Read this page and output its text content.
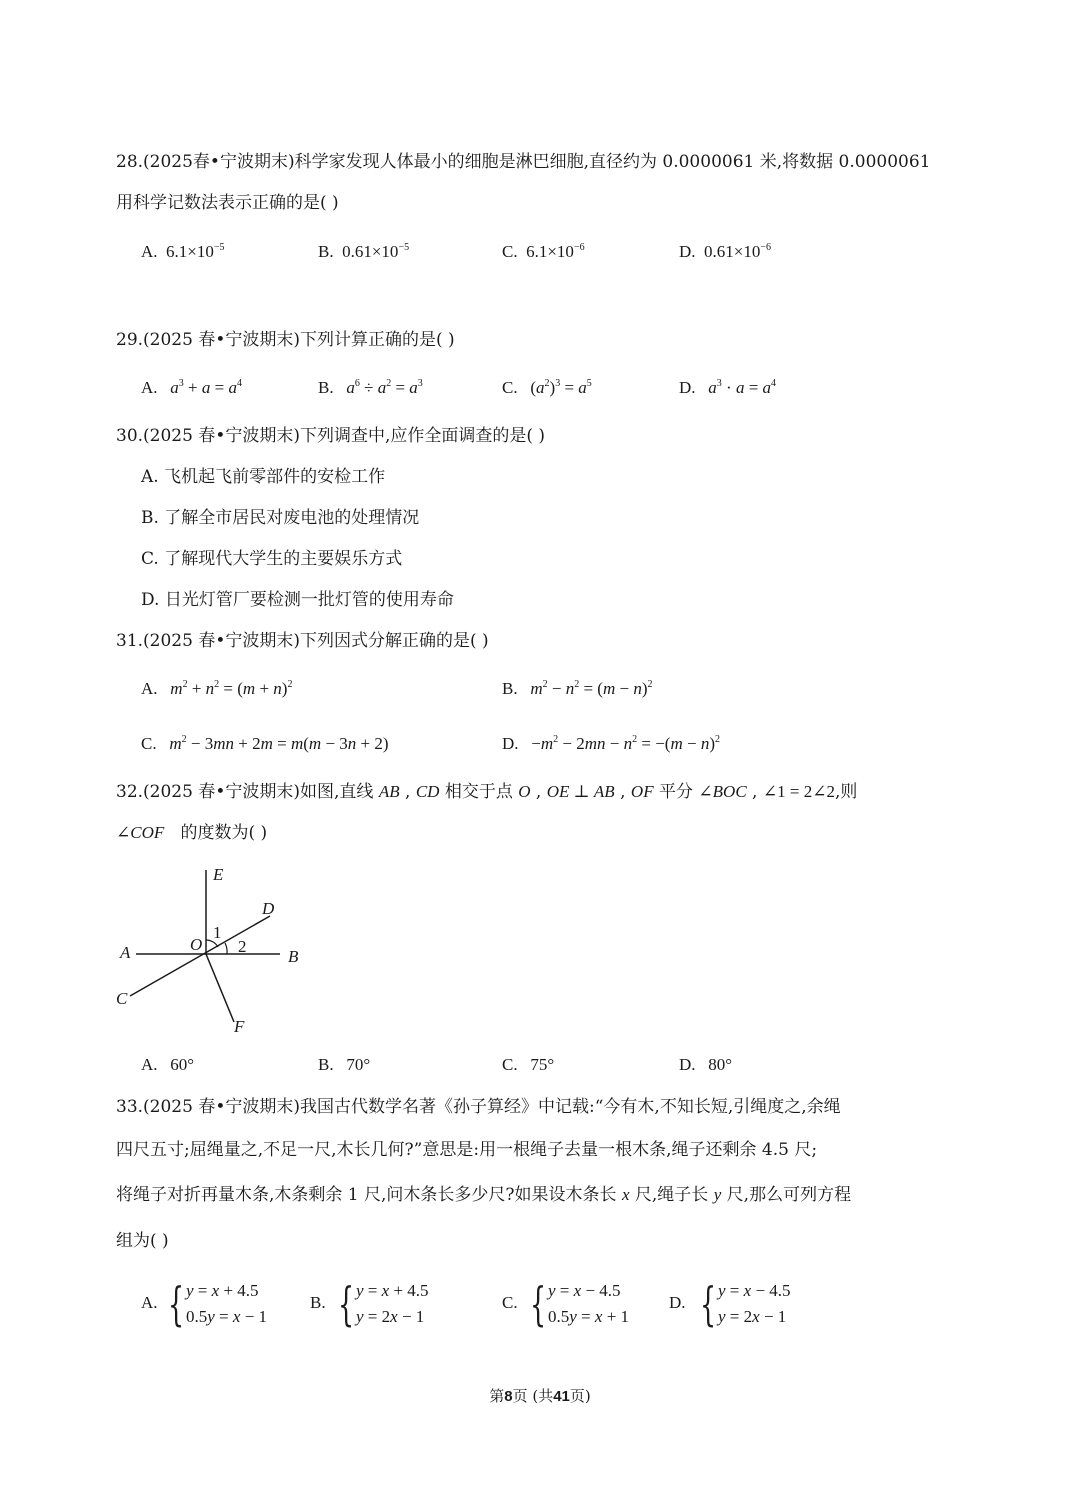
28.(2025春•宁波期末)科学家发现人体最小的细胞是淋巴细胞,直径约为 0.0000061 米,将数据 0.0000061
用科学记数法表示正确的是( )
A. $6.1\times 10^{-5}$	B. $0.61\times 10^{-5}$	C. $6.1\times 10^{-6}$	D. $0.61\times 10^{-6}$
29.(2025 春•宁波期末)下列计算正确的是( )
A. $a^3 + a = a^4$	B. $a^6 \div a^2 = a^3$	C.   $(a^2)^3 = a^5$	D. $a^3 \cdot a = a^4$
30.(2025 春•宁波期末)下列调查中,应作全面调查的是( )
A. 飞机起飞前零部件的安检工作
B. 了解全市居民对废电池的处理情况
C. 了解现代大学生的主要娱乐方式
D. 日光灯管厂要检测一批灯管的使用寿命
31.(2025 春•宁波期末)下列因式分解正确的是( )
A. $m^2 + n^2 = (m + n)^2$	B. $m^2 - n^2 = (m - n)^2$
C. $m^2 - 3mn + 2m = m(m - 3n + 2)$	D.   $-m^2 - 2mn - n^2 = -(m - n)^2$
32.(2025 春•宁波期末)如图,直线 AB , CD 相交于点 O , OE ⊥ AB , OF 平分 ∠BOC , ∠1 = 2∠2,则
∠COF 的度数为( )
E
D
A	O
B
C
F
1
2
A. 60°	B. 70°	C. 75°	D. 80°
33.(2025 春•宁波期末)我国古代数学名著《孙子算经》中记载:“今有木,不知长短,引绳度之,余绳
四尺五寸;屈绳量之,不足一尺,木长几何?”意思是:用一根绳子去量一根木条,绳子还剩余 4.5 尺;
将绳子对折再量木条,木条剩余 1 尺,问木条长多少尺?如果设木条长 x 尺,绳子长 y 尺,那么可列方程
组为( )
A. { y = x + 4.5
0.5y = x − 1
B. { y = x + 4.5
y = 2x − 1
C. { y = x − 4.5
0.5y = x + 1
D. { y = x − 4.5
y = 2x − 1
第8页 (共41页)
